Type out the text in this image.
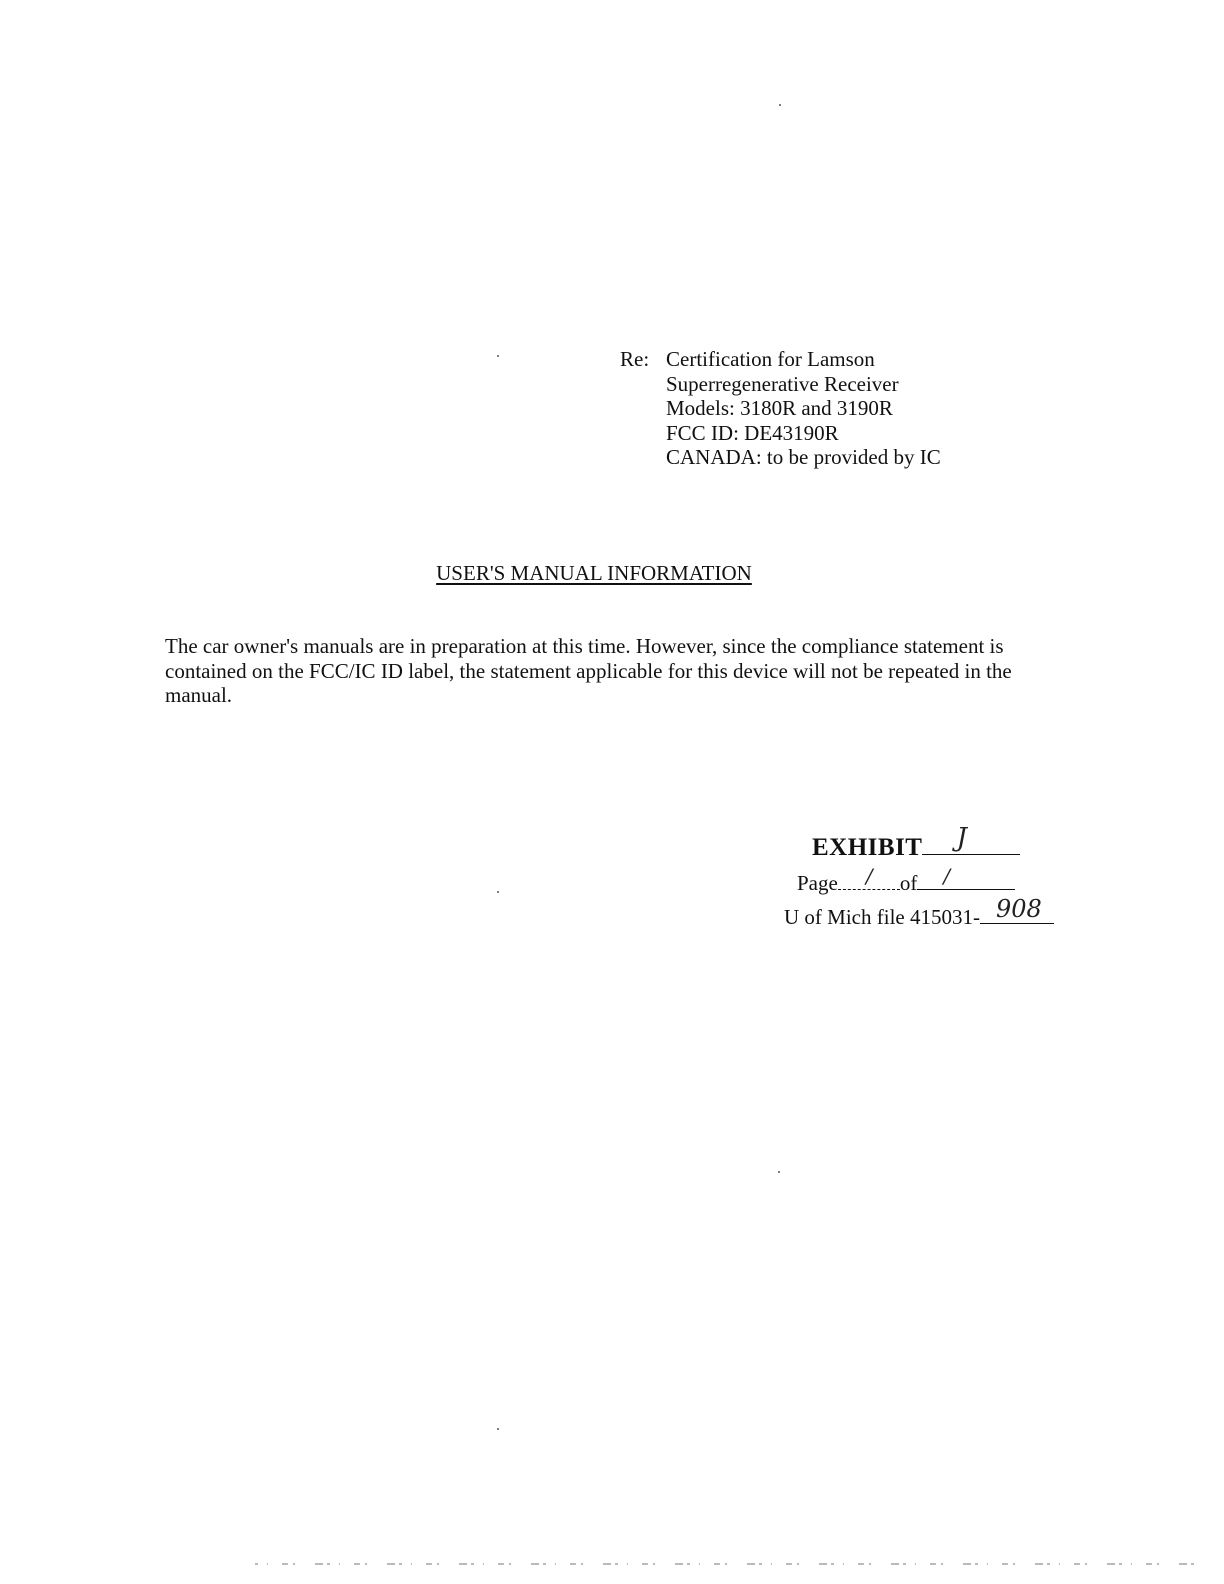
Re: Certification for Lamson
Superregenerative Receiver
Models: 3180R and 3190R
FCC ID: DE43190R
CANADA: to be provided by IC
USER'S MANUAL INFORMATION
The car owner's manuals are in preparation at this time. However, since the compliance statement is contained on the FCC/IC ID label, the statement applicable for this device will not be repeated in the manual.
EXHIBIT J
Page / of /
U of Mich file 415031- 908
